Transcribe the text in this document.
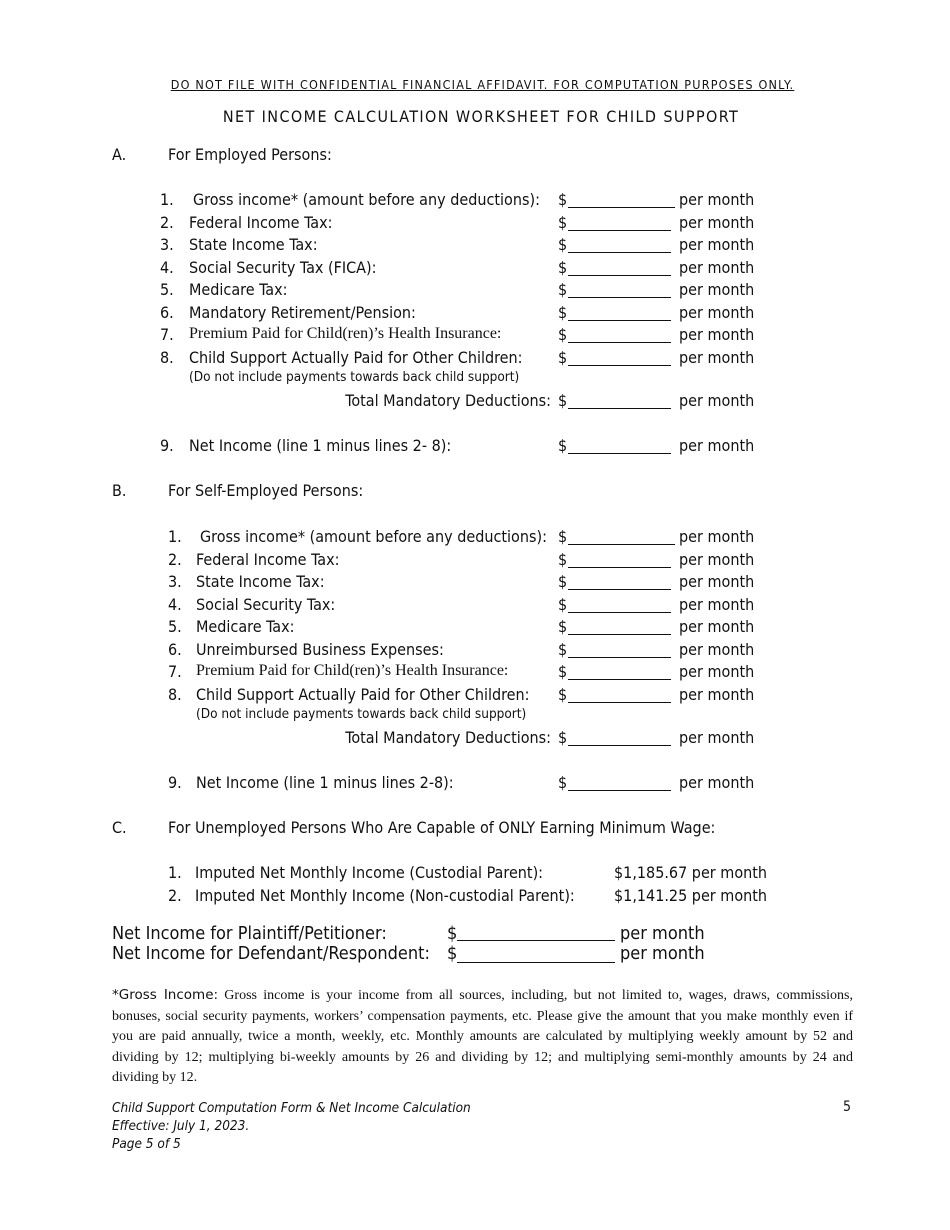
DO NOT FILE WITH CONFIDENTIAL FINANCIAL AFFIDAVIT. FOR COMPUTATION PURPOSES ONLY.
NET INCOME CALCULATION WORKSHEET FOR CHILD SUPPORT
A.	For Employed Persons:
1. Gross income* (amount before any deductions): $	per month
2. Federal Income Tax:	$	per month
3. State Income Tax:	$	per month
4. Social Security Tax (FICA):	$	per month
5. Medicare Tax:	$	per month
6. Mandatory Retirement/Pension:	$	per month
7. Premium Paid for Child(ren)’s Health Insurance:	$	per month
8. Child Support Actually Paid for Other Children: $	per month
(Do not include payments towards back child support)
Total Mandatory Deductions: $	per month
9. Net Income (line 1 minus lines 2- 8):	$	per month
B.	For Self-Employed Persons:
1. Gross income* (amount before any deductions): $	per month
2. Federal Income Tax:	$	per month
3. State Income Tax:	$	per month
4. Social Security Tax:	$	per month
5. Medicare Tax:	$	per month
6. Unreimbursed Business Expenses:	$	per month
7. Premium Paid for Child(ren)’s Health Insurance:	$	per month
8. Child Support Actually Paid for Other Children: $	per month
(Do not include payments towards back child support)
Total Mandatory Deductions: $	per month
9. Net Income (line 1 minus lines 2-8):	$	per month
C.	For Unemployed Persons Who Are Capable of ONLY Earning Minimum Wage:
1. Imputed Net Monthly Income (Custodial Parent):	$1,185.67 per month
2. Imputed Net Monthly Income (Non-custodial Parent): $1,141.25 per month
Net Income for Plaintiff/Petitioner:	$	per month
Net Income for Defendant/Respondent: $	per month
*Gross Income: Gross income is your income from all sources, including, but not limited to, wages, draws, commissions, bonuses, social security payments, workers’ compensation payments, etc. Please give the amount that you make monthly even if you are paid annually, twice a month, weekly, etc. Monthly amounts are calculated by multiplying weekly amount by 52 and dividing by 12; multiplying bi-weekly amounts by 26 and dividing by 12; and multiplying semi-monthly amounts by 24 and dividing by 12.
Child Support Computation Form & Net Income Calculation
Effective: July 1, 2023.
Page 5 of 5
5
